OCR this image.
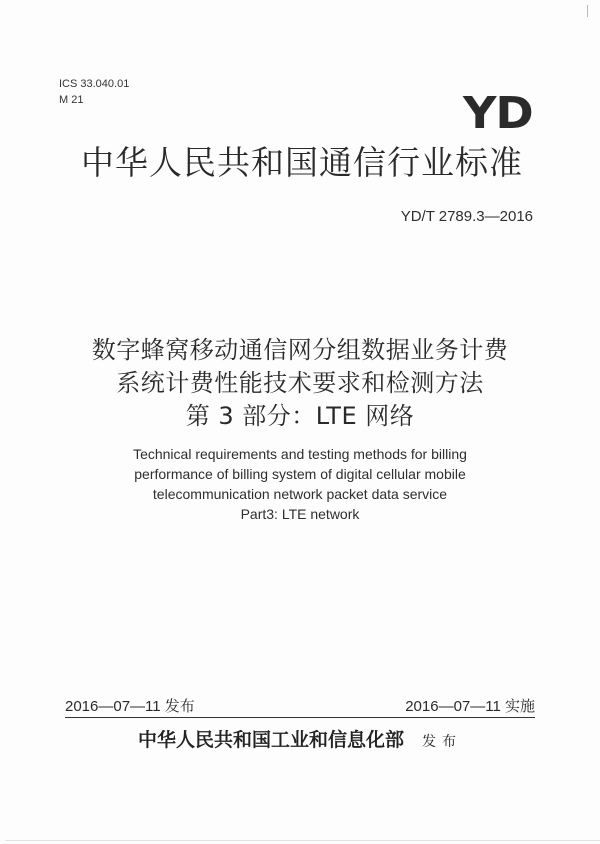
ICS 33.040.01
M 21	YD
中华人民共和国通信行业标准
YD/T 2789.3—2016
数字蜂窝移动通信网分组数据业务计费
系统计费性能技术要求和检测方法
第 3 部分：LTE 网络
Technical requirements and testing methods for billing
performance of billing system of digital cellular mobile
telecommunication network packet data service
Part3: LTE network
2016—07—11 发布	2016—07—11 实施
中华人民共和国工业和信息化部 发布
